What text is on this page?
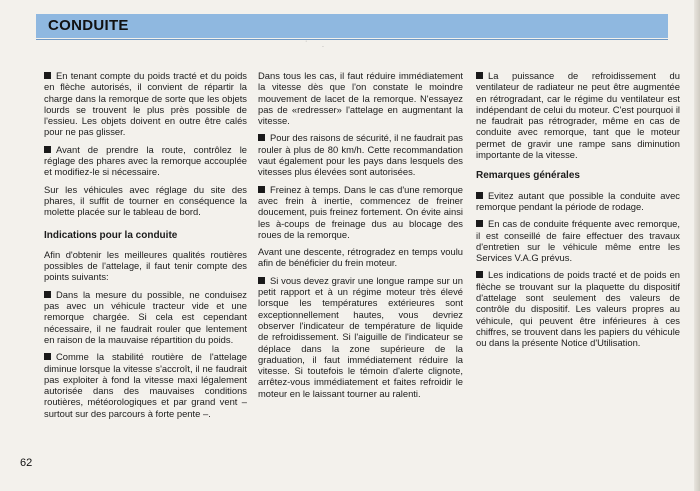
CONDUITE
.
·

En tenant compte du poids tracté et du poids en flèche autorisés, il convient de répartir la charge dans la remorque de sorte que les objets lourds se trouvent le plus près possible de l'essieu. Les objets doivent en outre être calés pour ne pas glisser.

Avant de prendre la route, contrôlez le réglage des phares avec la remorque accouplée et modifiez-le si nécessaire.

Sur les véhicules avec réglage du site des phares, il suffit de tourner en conséquence la molette placée sur le tableau de bord.

Indications pour la conduite

Afin d'obtenir les meilleures qualités routières possibles de l'attelage, il faut tenir compte des points suivants:

Dans la mesure du possible, ne conduisez pas avec un véhicule tracteur vide et une remorque chargée. Si cela est cependant nécessaire, il ne faudrait rouler que lentement en raison de la mauvaise répartition du poids.

Comme la stabilité routière de l'attelage diminue lorsque la vitesse s'accroît, il ne faudrait pas exploiter à fond la vitesse maxi légalement autorisée dans des mauvaises conditions routières, météorologiques et par grand vent – surtout sur des parcours à forte pente –.

Dans tous les cas, il faut réduire immédiatement la vitesse dès que l'on constate le moindre mouvement de lacet de la remorque. N'essayez pas de «redresser» l'attelage en augmentant la vitesse.

Pour des raisons de sécurité, il ne faudrait pas rouler à plus de 80 km/h. Cette recommandation vaut également pour les pays dans lesquels des vitesses plus élevées sont autorisées.

Freinez à temps. Dans le cas d'une remorque avec frein à inertie, commencez de freiner doucement, puis freinez fortement. On évite ainsi les à-coups de freinage dus au blocage des roues de la remorque.

Avant une descente, rétrogradez en temps voulu afin de bénéficier du frein moteur.

Si vous devez gravir une longue rampe sur un petit rapport et à un régime moteur très élevé lorsque les températures extérieures sont exceptionnellement hautes, vous devriez observer l'indicateur de température de liquide de refroidissement. Si l'aiguille de l'indicateur se déplace dans la zone supérieure de la graduation, il faut immédiatement réduire la vitesse. Si toutefois le témoin d'alerte clignote, arrêtez-vous immédiatement et faites refroidir le moteur en le laissant tourner au ralenti.

La puissance de refroidissement du ventilateur de radiateur ne peut être augmentée en rétrogradant, car le régime du ventilateur est indépendant de celui du moteur. C'est pourquoi il ne faudrait pas rétrograder, même en cas de conduite avec remorque, tant que le moteur permet de gravir une rampe sans diminution importante de la vitesse.

Remarques générales

Evitez autant que possible la conduite avec remorque pendant la période de rodage.

En cas de conduite fréquente avec remorque, il est conseillé de faire effectuer des travaux d'entretien sur le véhicule même entre les Services V.A.G prévus.

Les indications de poids tracté et de poids en flèche se trouvant sur la plaquette du dispositif d'attelage sont seulement des valeurs de contrôle du dispositif. Les valeurs propres au véhicule, qui peuvent être inférieures à ces chiffres, se trouvent dans les papiers du véhicule ou dans la présente Notice d'Utilisation.

62
